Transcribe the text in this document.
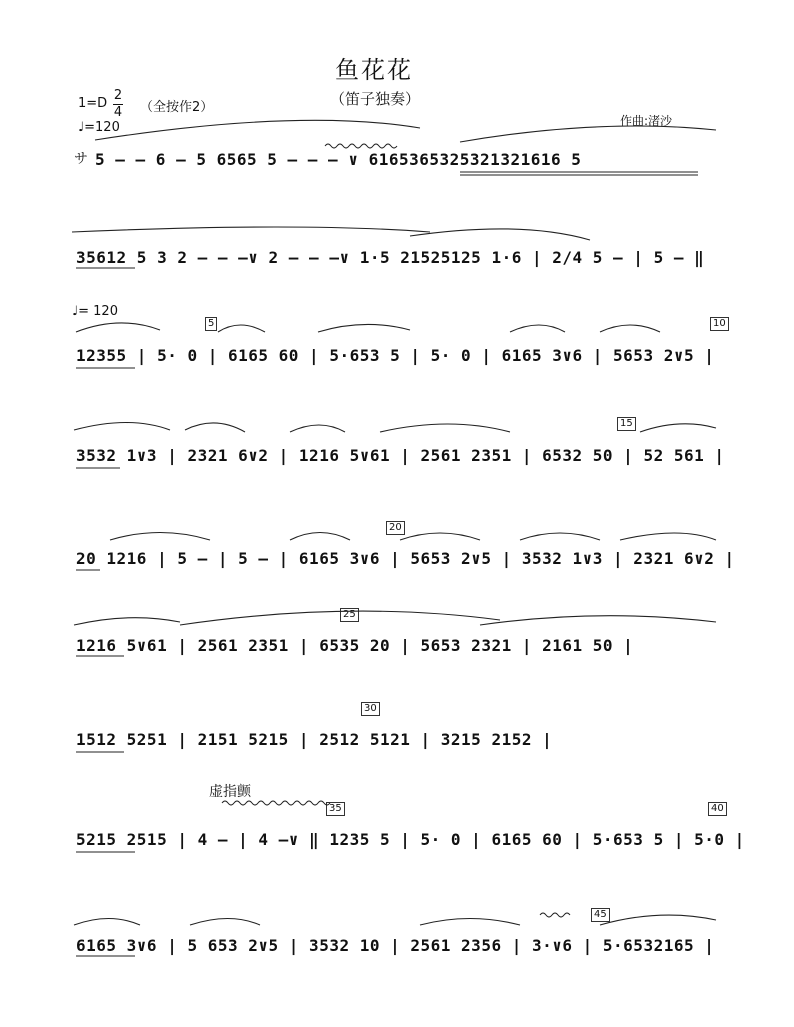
鱼花花
（笛子独奏）
1=D
2
4 （全按作2）
♩=120	作曲:渚沙
サ
♩= 120
虚指颤
5 — — 6 — 5 6565 5 — — — ∨ 6165365325321321616 5
35612 5 3 2 — — —∨ 2 — — —∨ 1·5 21525125 1·6 | 2/4 5 — | 5 — ‖
12355 | 5· 0 | 6165 60 | 5·653 5 | 5· 0 | 6165 3∨6 | 5653 2∨5 |
3532 1∨3 | 2321 6∨2 | 1216 5∨61 | 2561 2351 | 6532 50 | 52 561 |
20 1216 | 5 — | 5 — | 6165 3∨6 | 5653 2∨5 | 3532 1∨3 | 2321 6∨2 |
1216 5∨61 | 2561 2351 | 6535 20 | 5653 2321 | 2161 50 |
1512 5251 | 2151 5215 | 2512 5121 | 3215 2152 |
5215 2515 | 4 — | 4 —∨ ‖ 1235 5 | 5· 0 | 6165 60 | 5·653 5 | 5·0 |
6165 3∨6 | 5 653 2∨5 | 3532 10 | 2561 2356 | 3·∨6 | 5·6532165 |
5	10
15
20
25
30
35	40
45
